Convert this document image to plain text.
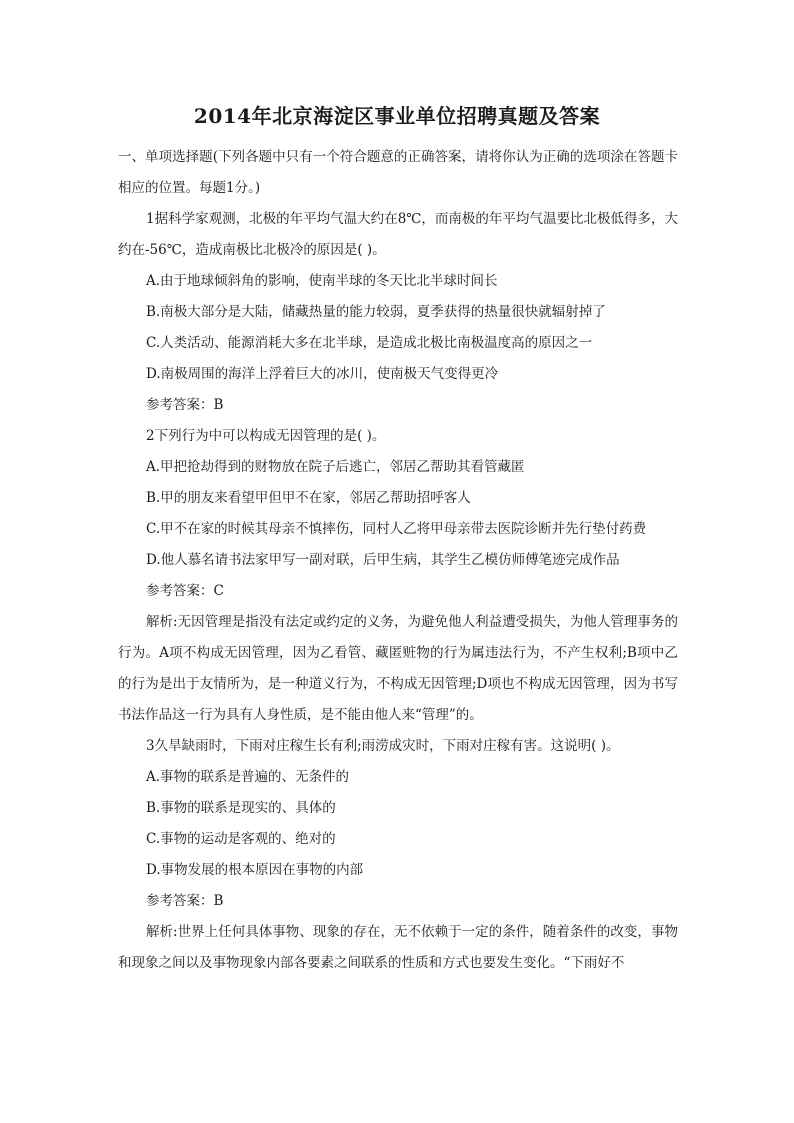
2014年北京海淀区事业单位招聘真题及答案

一、单项选择题(下列各题中只有一个符合题意的正确答案，请将你认为正确的选项涂在答题卡相应的位置。每题1分。)

1据科学家观测，北极的年平均气温大约在8℃，而南极的年平均气温要比北极低得多，大约在-56℃，造成南极比北极冷的原因是( )。

A.由于地球倾斜角的影响，使南半球的冬天比北半球时间长

B.南极大部分是大陆，储藏热量的能力较弱，夏季获得的热量很快就辐射掉了

C.人类活动、能源消耗大多在北半球，是造成北极比南极温度高的原因之一

D.南极周围的海洋上浮着巨大的冰川，使南极天气变得更冷

参考答案：B

2下列行为中可以构成无因管理的是( )。

A.甲把抢劫得到的财物放在院子后逃亡，邻居乙帮助其看管藏匿

B.甲的朋友来看望甲但甲不在家，邻居乙帮助招呼客人

C.甲不在家的时候其母亲不慎摔伤，同村人乙将甲母亲带去医院诊断并先行垫付药费

D.他人慕名请书法家甲写一副对联，后甲生病，其学生乙模仿师傅笔迹完成作品

参考答案：C

解析:无因管理是指没有法定或约定的义务，为避免他人利益遭受损失，为他人管理事务的行为。A项不构成无因管理，因为乙看管、藏匿赃物的行为属违法行为，不产生权利;B项中乙的行为是出于友情所为，是一种道义行为，不构成无因管理;D项也不构成无因管理，因为书写书法作品这一行为具有人身性质，是不能由他人来“管理”的。

3久旱缺雨时，下雨对庄稼生长有利;雨涝成灾时，下雨对庄稼有害。这说明( )。

A.事物的联系是普遍的、无条件的

B.事物的联系是现实的、具体的

C.事物的运动是客观的、绝对的

D.事物发展的根本原因在事物的内部

参考答案：B

解析:世界上任何具体事物、现象的存在，无不依赖于一定的条件，随着条件的改变，事物和现象之间以及事物现象内部各要素之间联系的性质和方式也要发生变化。“下雨好不
